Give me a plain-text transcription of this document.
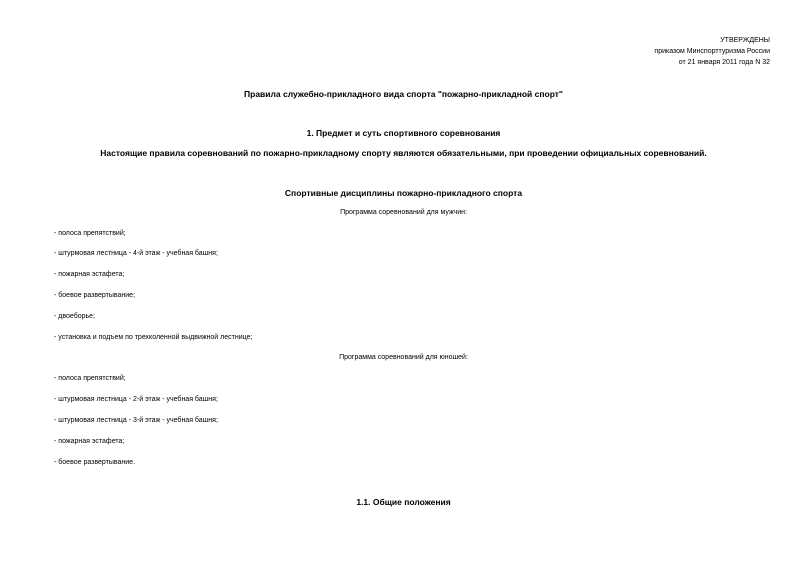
УТВЕРЖДЕНЫ
приказом Минспорттуризма России
от 21 января 2011 года N 32
Правила служебно-прикладного вида спорта "пожарно-прикладной спорт"
1. Предмет и суть спортивного соревнования
Настоящие правила соревнований по пожарно-прикладному спорту являются обязательными, при проведении официальных соревнований.
Спортивные дисциплины пожарно-прикладного спорта
Программа соревнований для мужчин:
- полоса препятствий;
- штурмовая лестница - 4-й этаж - учебная башня;
- пожарная эстафета;
- боевое развертывание;
- двоеборье;
- установка и подъем по трехколенной выдвижной лестнице;
Программа соревнований для юношей:
- полоса препятствий;
- штурмовая лестница - 2-й этаж - учебная башня;
- штурмовая лестница - 3-й этаж - учебная башня;
- пожарная эстафета;
- боевое развертывание.
1.1. Общие положения
